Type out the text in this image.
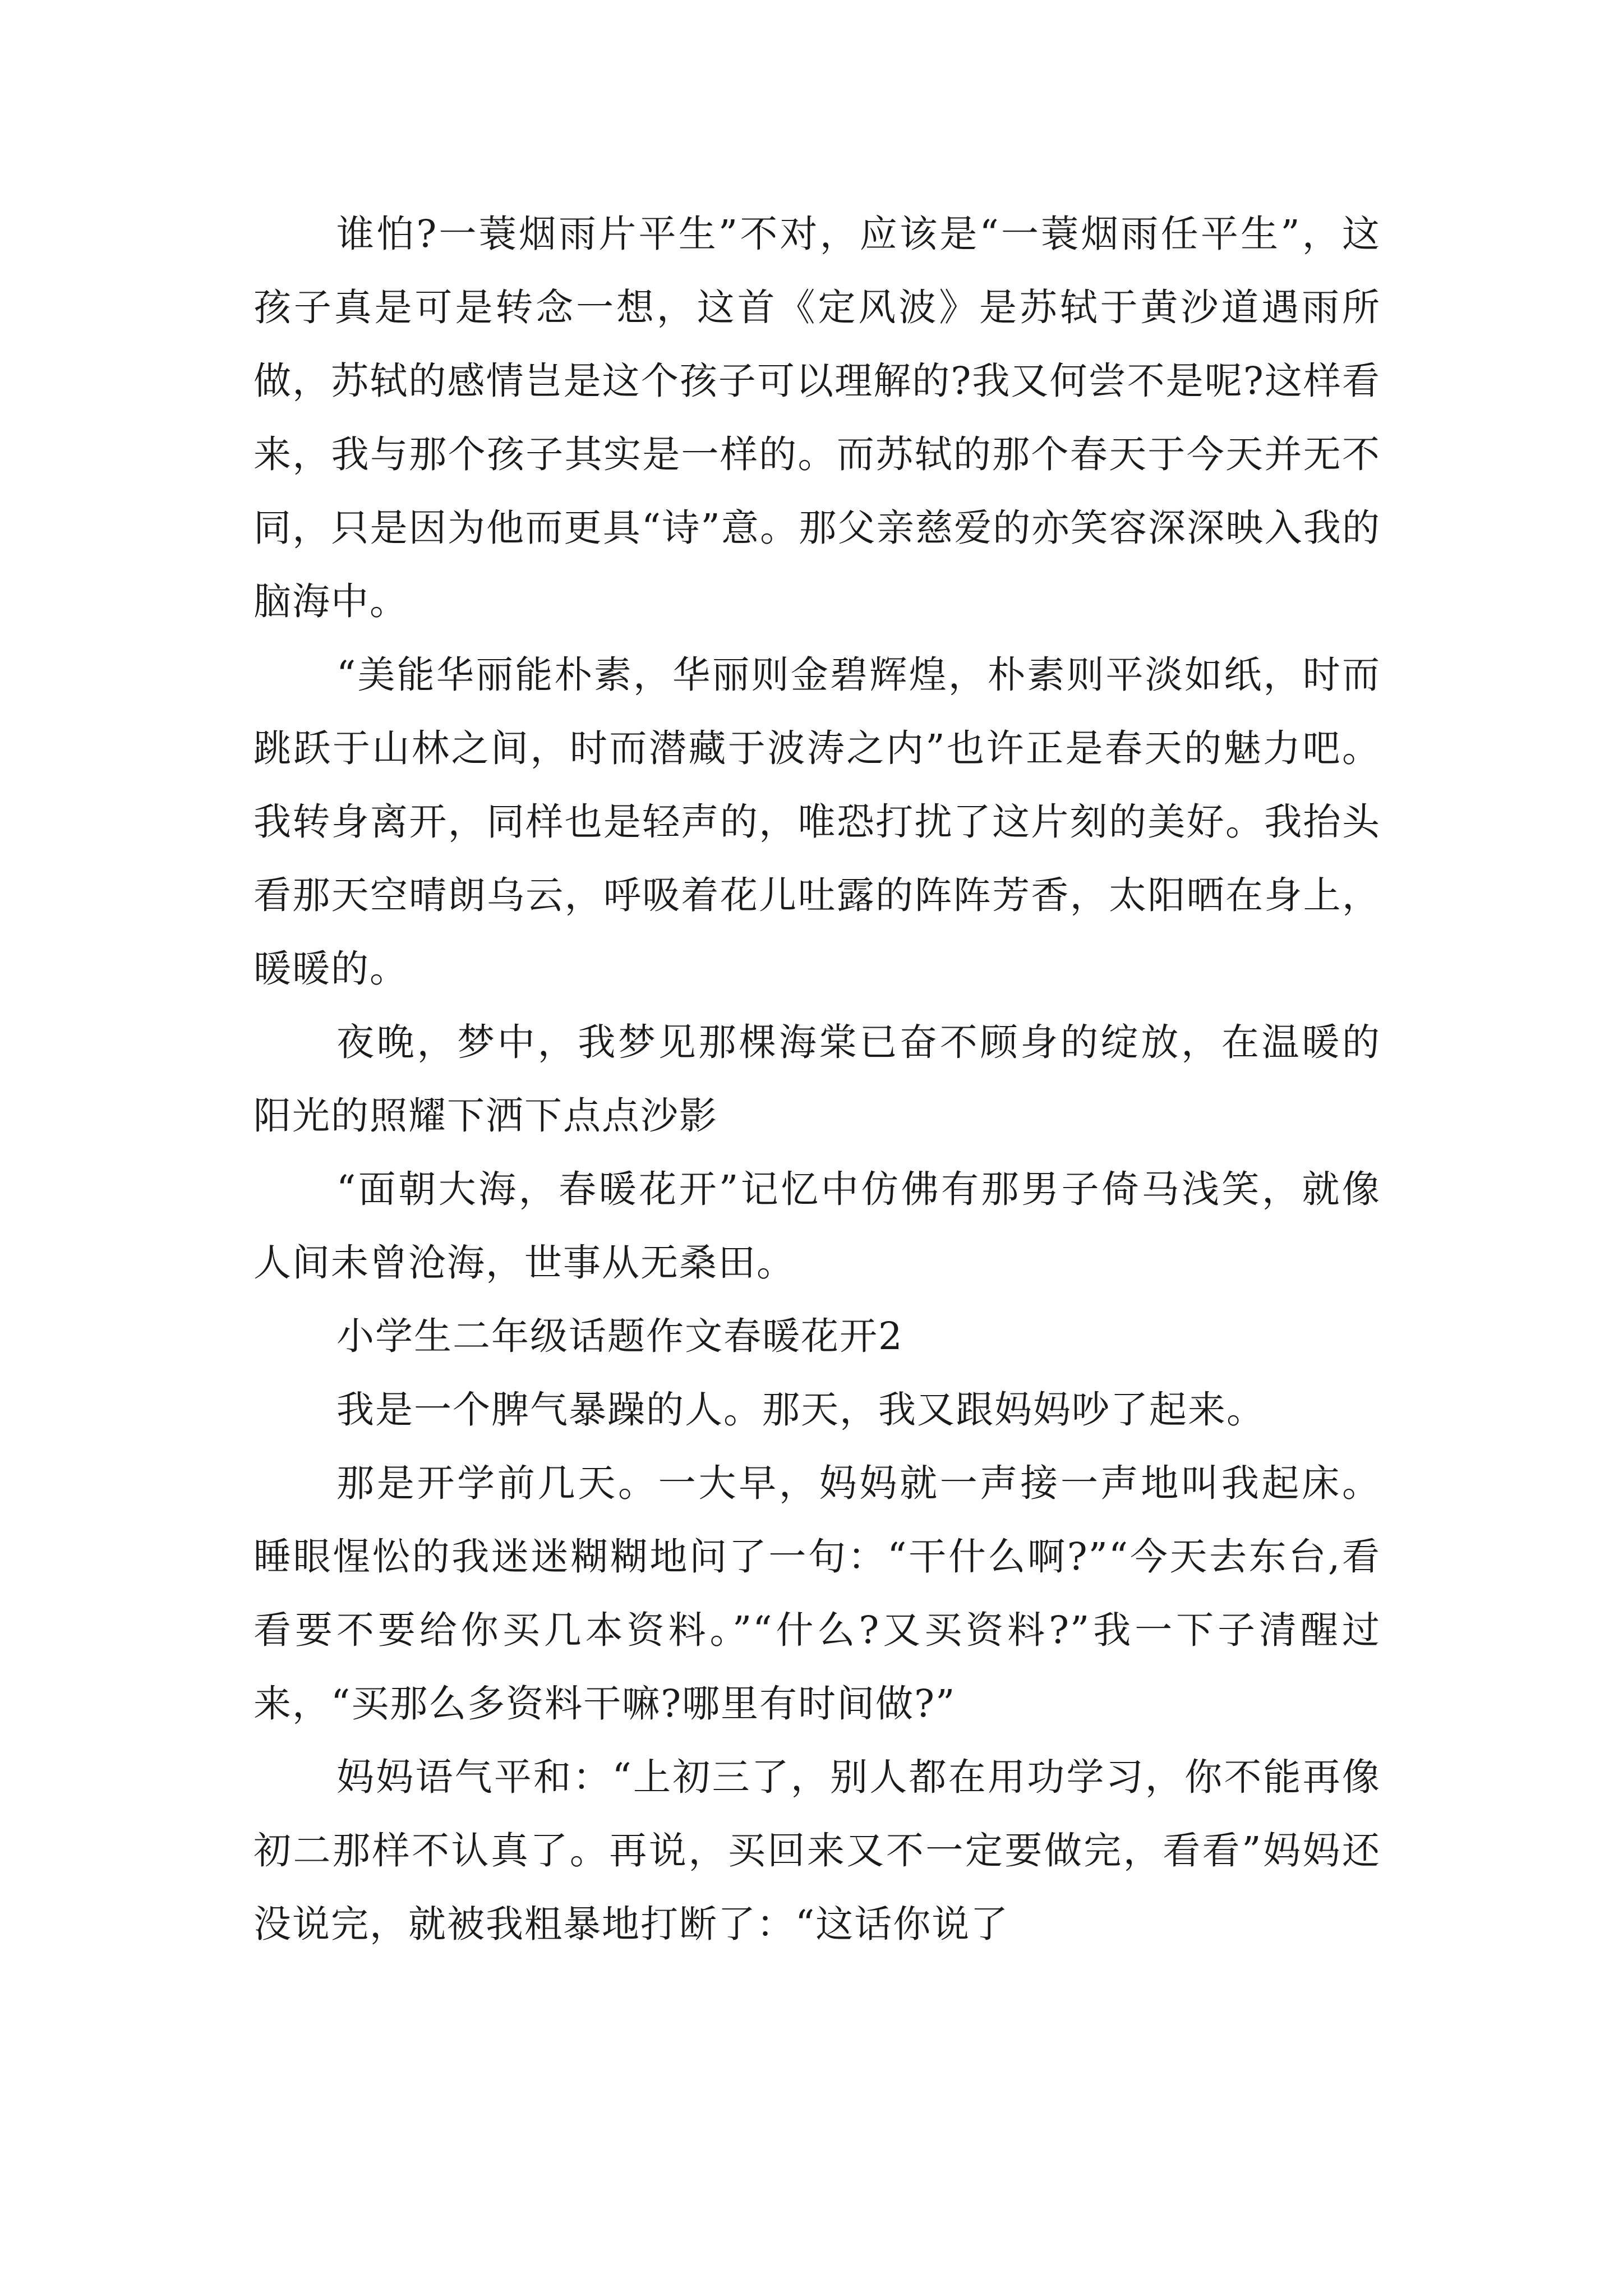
谁怕?一蓑烟雨片平生”不对，应该是“一蓑烟雨任平生”，这孩子真是可是转念一想，这首《定风波》是苏轼于黄沙道遇雨所做，苏轼的感情岂是这个孩子可以理解的?我又何尝不是呢?这样看来，我与那个孩子其实是一样的。而苏轼的那个春天于今天并无不同，只是因为他而更具“诗”意。那父亲慈爱的亦笑容深深映入我的脑海中。

“美能华丽能朴素，华丽则金碧辉煌，朴素则平淡如纸，时而跳跃于山林之间，时而潜藏于波涛之内”也许正是春天的魅力吧。我转身离开，同样也是轻声的，唯恐打扰了这片刻的美好。我抬头看那天空晴朗乌云，呼吸着花儿吐露的阵阵芳香，太阳晒在身上，暖暖的。

夜晚，梦中，我梦见那棵海棠已奋不顾身的绽放，在温暖的阳光的照耀下洒下点点沙影

“面朝大海，春暖花开”记忆中仿佛有那男子倚马浅笑，就像人间未曾沧海，世事从无桑田。

小学生二年级话题作文春暖花开2

我是一个脾气暴躁的人。那天，我又跟妈妈吵了起来。

那是开学前几天。一大早，妈妈就一声接一声地叫我起床。睡眼惺忪的我迷迷糊糊地问了一句：“干什么啊?”“今天去东台,看看要不要给你买几本资料。”“什么?又买资料?”我一下子清醒过来，“买那么多资料干嘛?哪里有时间做?”

妈妈语气平和：“上初三了，别人都在用功学习，你不能再像初二那样不认真了。再说，买回来又不一定要做完，看看”妈妈还没说完，就被我粗暴地打断了：“这话你说了
